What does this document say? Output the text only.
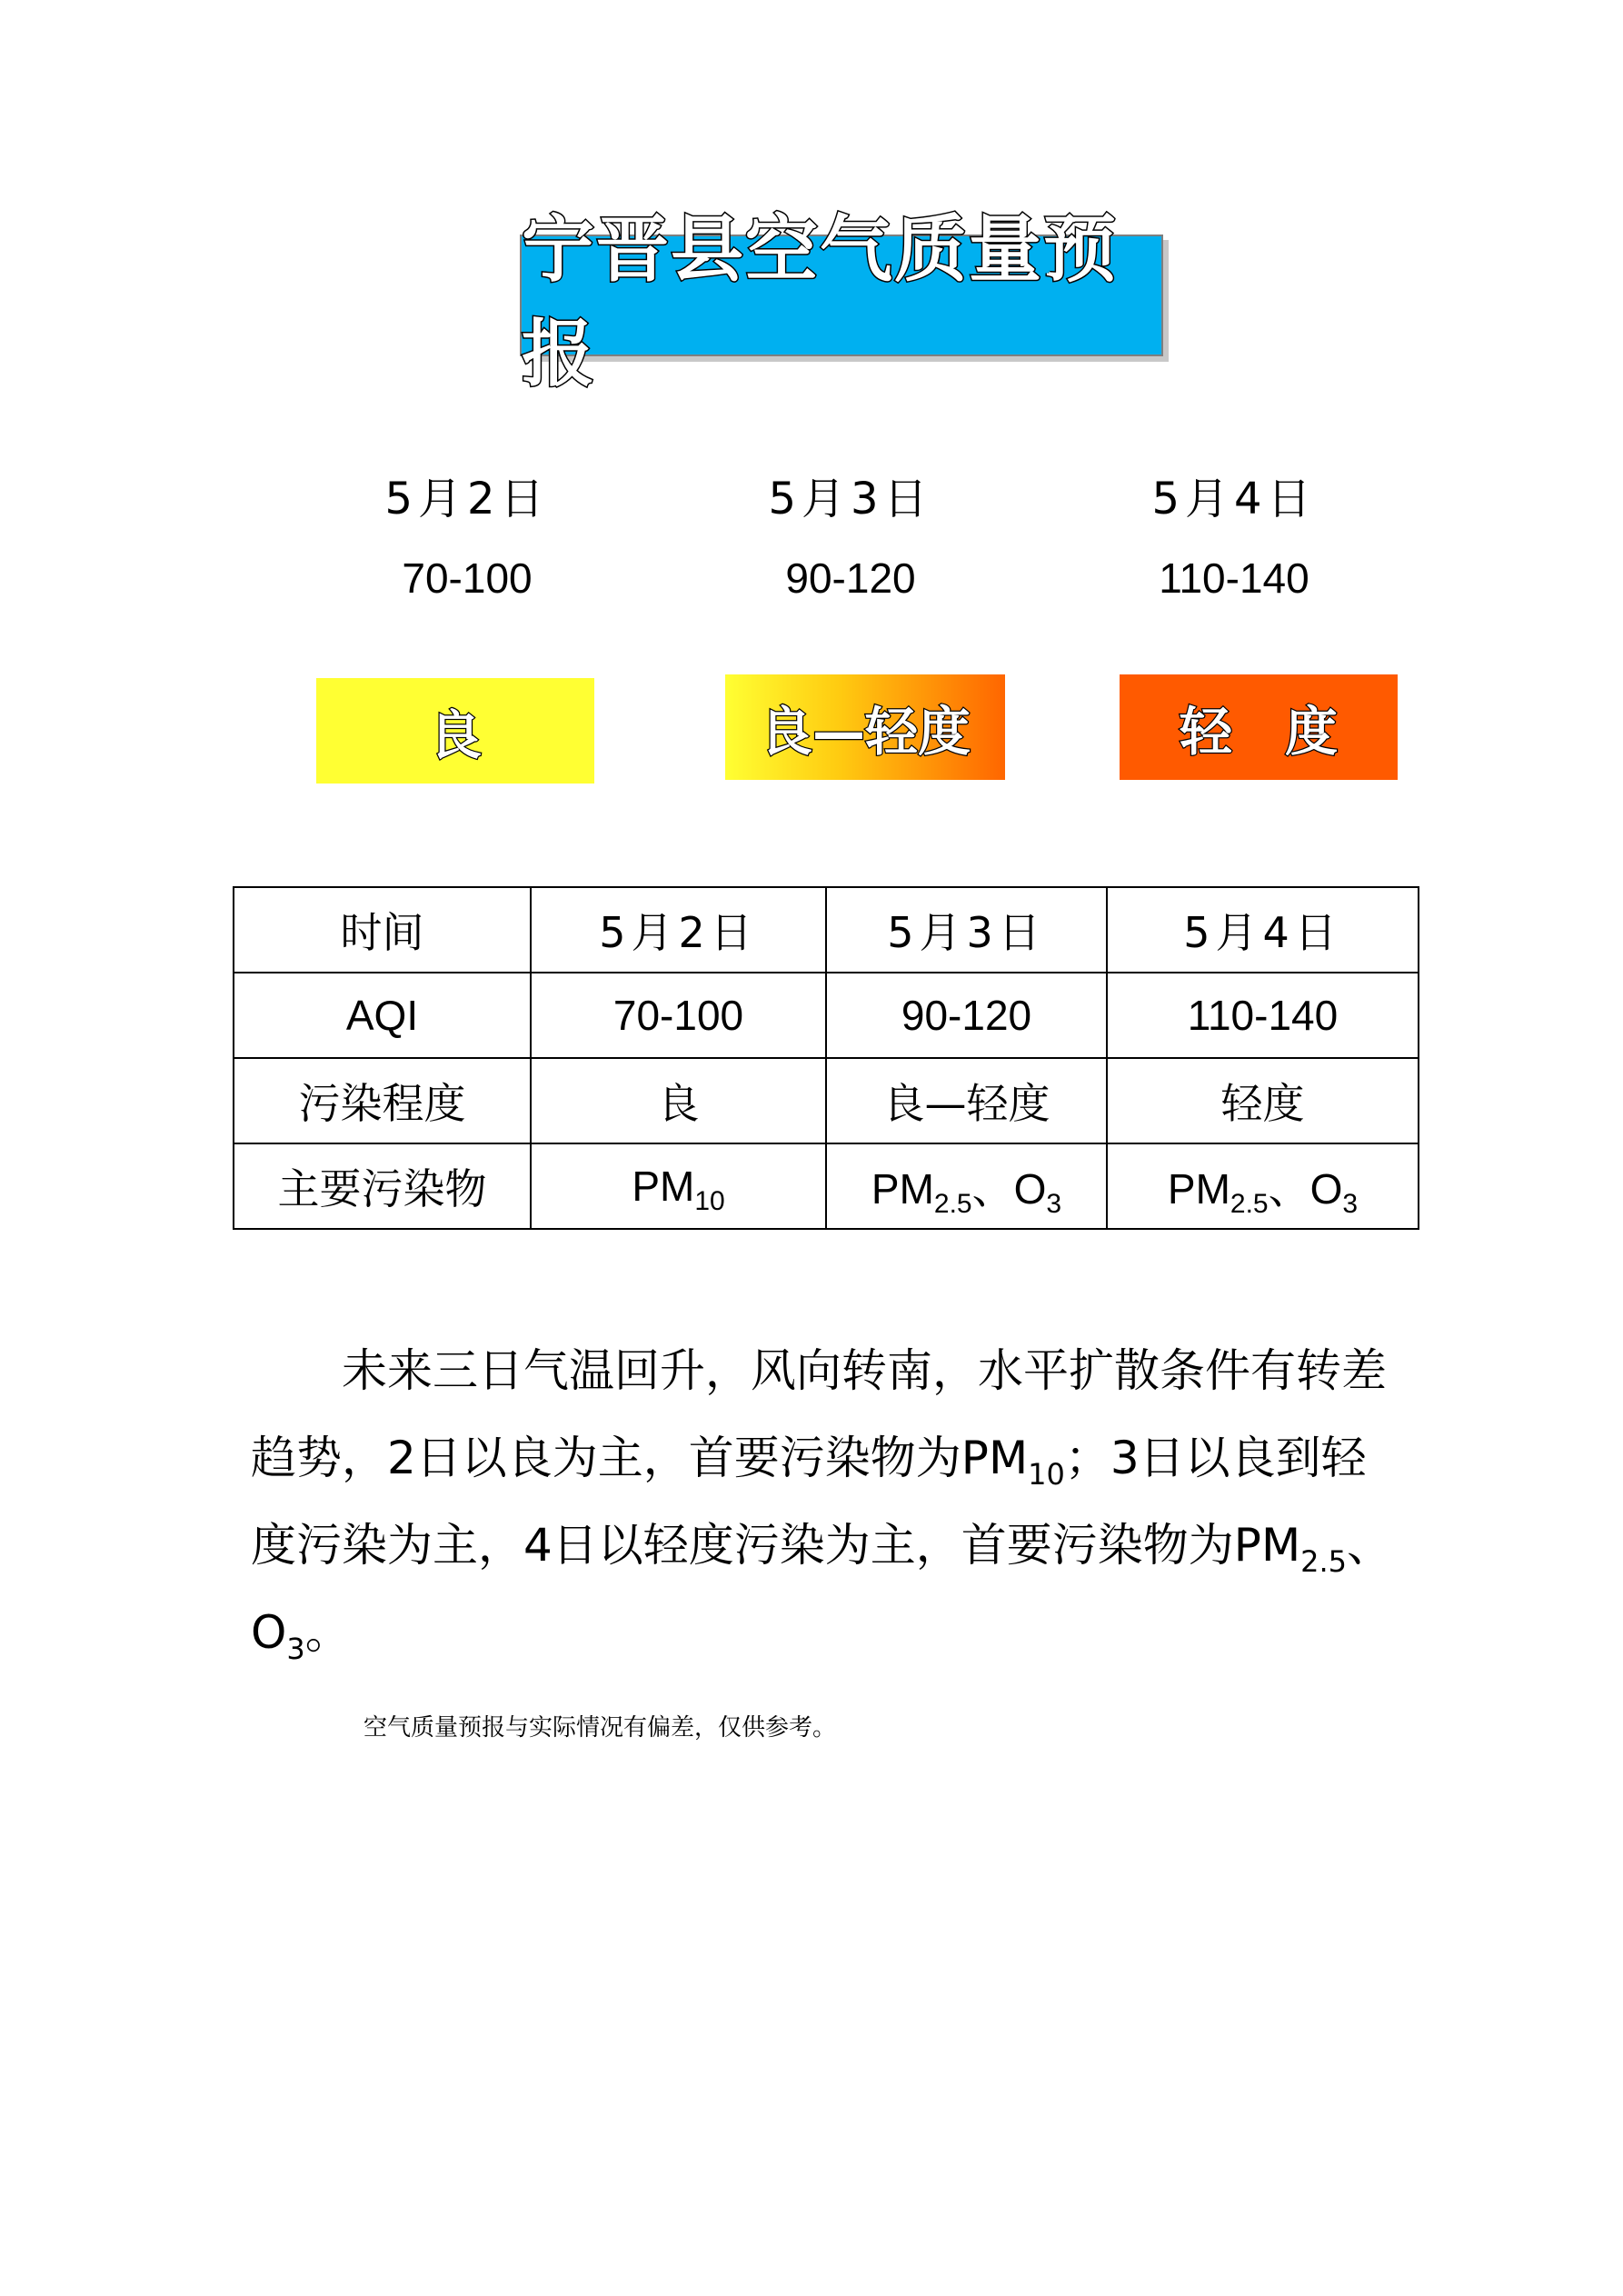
宁晋县空气质量预报
5月2日
70-100
5月3日
90-120
5月4日
110-140
良	良—轻度	轻　度
时间	5月2日	5月3日	5月4日
AQI	70-100	90-120	110-140
污染程度	良	良—轻度	轻度
主要污染物	$PM_{10}$	$PM_{2.5}$、$O_3$	$PM_{2.5}$、$O_3$

未来三日气温回升，风向转南，水平扩散条件有转差趋势，2日以良为主，首要污染物为$PM_{10}$；3日以良到轻度污染为主，4日以轻度污染为主，首要污染物为$PM_{2.5}$、$O_3$。

空气质量预报与实际情况有偏差，仅供参考。
